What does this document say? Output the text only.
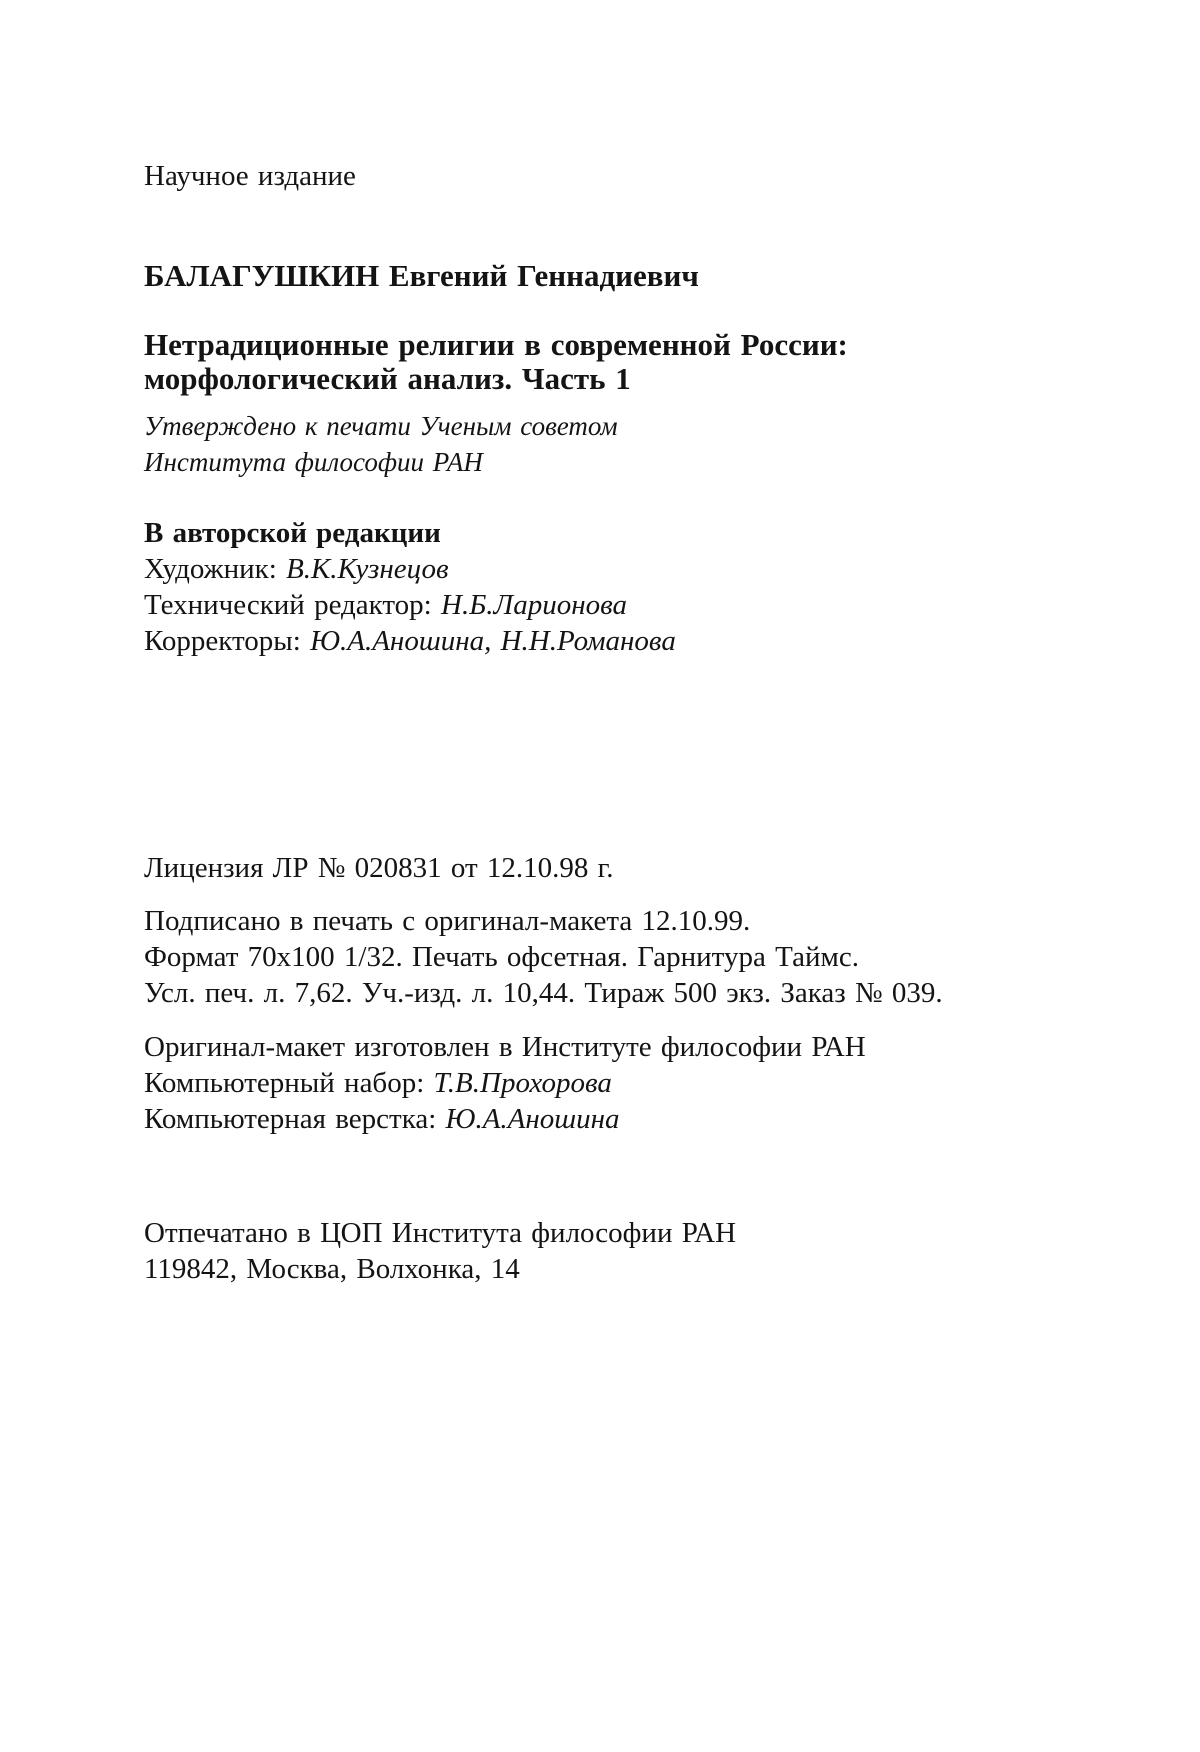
Научное издание
БАЛАГУШКИН Евгений Геннадиевич
Нетрадиционные религии в современной России:
морфологический анализ. Часть 1
Утверждено к печати Ученым советом
Института философии РАН
В авторской редакции
Художник: В.К.Кузнецов
Технический редактор: Н.Б.Ларионова
Корректоры: Ю.А.Аношина, Н.Н.Романова
Лицензия ЛР № 020831 от 12.10.98 г.
Подписано в печать с оригинал-макета 12.10.99.
Формат 70х100 1/32. Печать офсетная. Гарнитура Таймс.
Усл. печ. л. 7,62. Уч.-изд. л. 10,44. Тираж 500 экз. Заказ № 039.
Оригинал-макет изготовлен в Институте философии РАН
Компьютерный набор: Т.В.Прохорова
Компьютерная верстка: Ю.А.Аношина
Отпечатано в ЦОП Института философии РАН
119842, Москва, Волхонка, 14
